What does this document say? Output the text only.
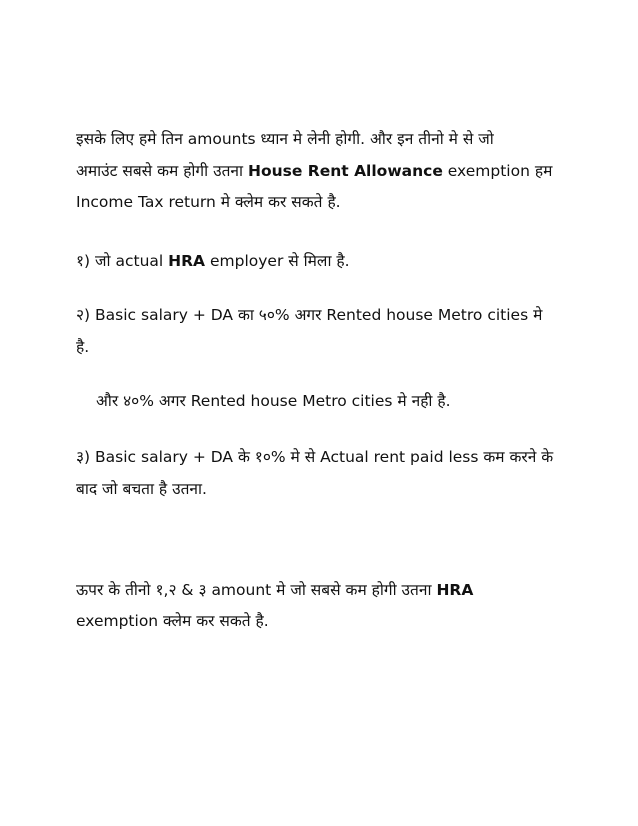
इसके लिए हमे तिन amounts ध्यान मे लेनी होगी. और इन तीनो मे से जो
अमाउंट सबसे कम होगी उतना House Rent Allowance exemption हम
Income Tax return मे क्लेम कर सकते है.
१) जो actual HRA employer से मिला है.
२) Basic salary + DA का ५०% अगर Rented house Metro cities मे
है.
और ४०% अगर Rented house Metro cities मे नही है.
३) Basic salary + DA के १०% मे से Actual rent paid less कम करने के
बाद जो बचता है उतना.
ऊपर के तीनो १,२ & ३ amount मे जो सबसे कम होगी उतना HRA
exemption क्लेम कर सकते है.
